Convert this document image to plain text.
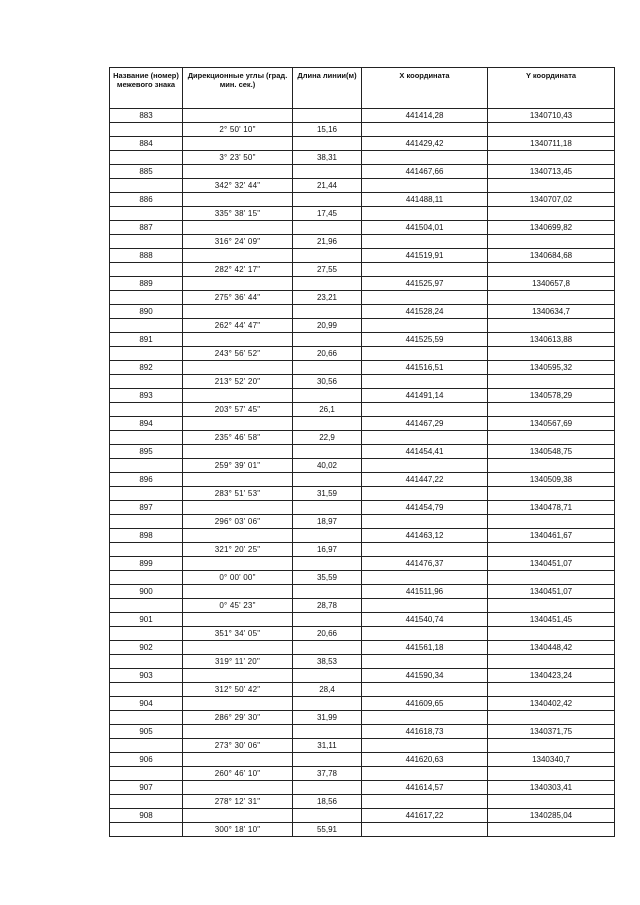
Название (номер) межевого знака	Дирекционные углы (град. мин. сек.)	Длина линии(м)	X координата	Y координата
883			441414,28	1340710,43
	2° 50' 10"	15,16		
884			441429,42	1340711,18
	3° 23' 50"	38,31		
885			441467,66	1340713,45
	342° 32' 44"	21,44		
886			441488,11	1340707,02
	335° 38' 15"	17,45		
887			441504,01	1340699,82
	316° 24' 09"	21,96		
888			441519,91	1340684,68
	282° 42' 17"	27,55		
889			441525,97	1340657,8
	275° 36' 44"	23,21		
890			441528,24	1340634,7
	262° 44' 47"	20,99		
891			441525,59	1340613,88
	243° 56' 52"	20,66		
892			441516,51	1340595,32
	213° 52' 20"	30,56		
893			441491,14	1340578,29
	203° 57' 45"	26,1		
894			441467,29	1340567,69
	235° 46' 58"	22,9		
895			441454,41	1340548,75
	259° 39' 01"	40,02		
896			441447,22	1340509,38
	283° 51' 53"	31,59		
897			441454,79	1340478,71
	296° 03' 06"	18,97		
898			441463,12	1340461,67
	321° 20' 25"	16,97		
899			441476,37	1340451,07
	0° 00' 00"	35,59		
900			441511,96	1340451,07
	0° 45' 23"	28,78		
901			441540,74	1340451,45
	351° 34' 05"	20,66		
902			441561,18	1340448,42
	319° 11' 20"	38,53		
903			441590,34	1340423,24
	312° 50' 42"	28,4		
904			441609,65	1340402,42
	286° 29' 30"	31,99		
905			441618,73	1340371,75
	273° 30' 06"	31,11		
906			441620,63	1340340,7
	260° 46' 10"	37,78		
907			441614,57	1340303,41
	278° 12' 31"	18,56		
908			441617,22	1340285,04
	300° 18' 10"	55,91		
